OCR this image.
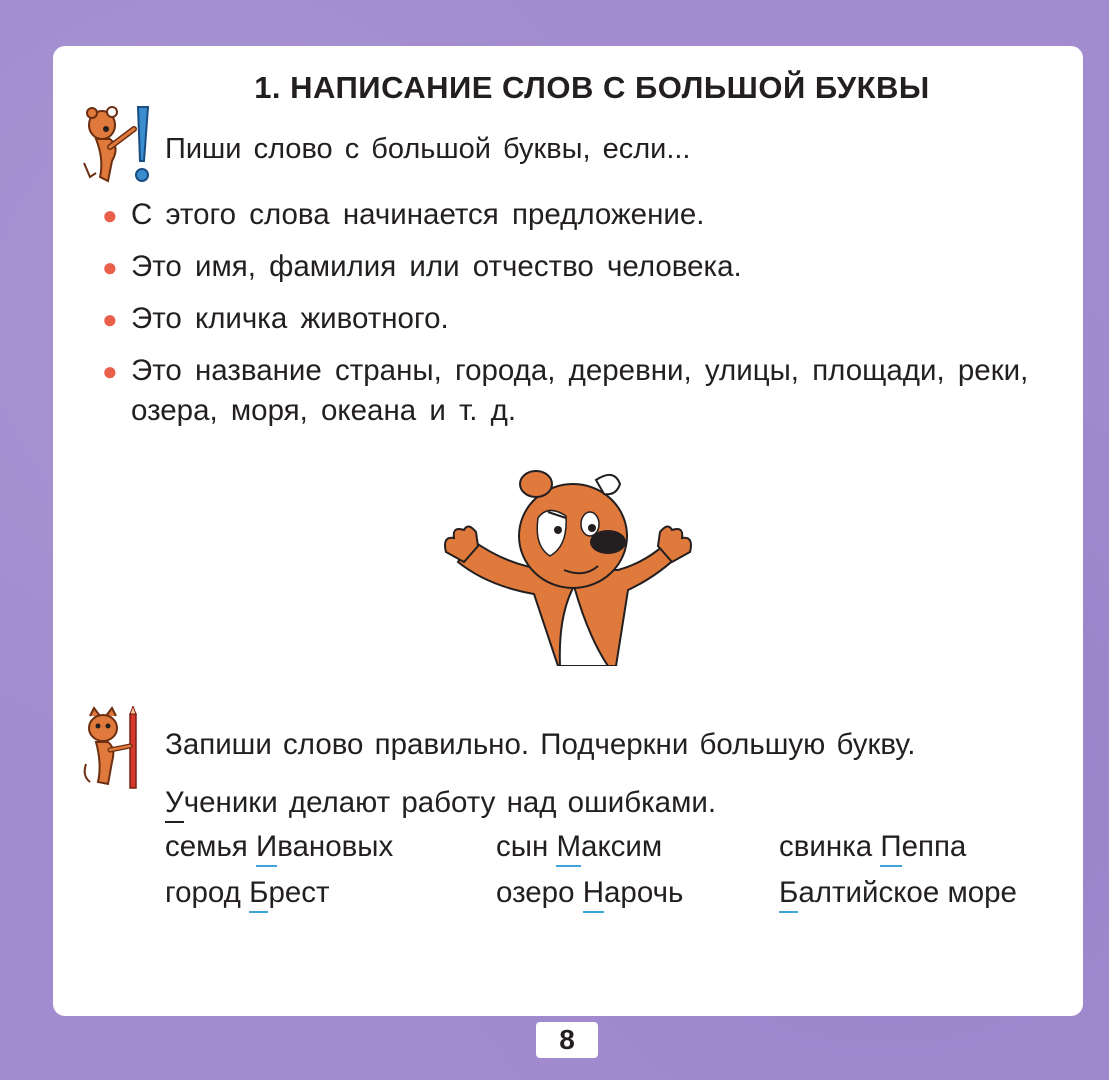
1. НАПИСАНИЕ СЛОВ С БОЛЬШОЙ БУКВЫ
Пиши слово с большой буквы, если...
● С этого слова начинается предложение.
● Это имя, фамилия или отчество человека.
● Это кличка животного.
● Это название страны, города, деревни, улицы, площади, реки, озера, моря, океана и т. д.
Запиши слово правильно. Подчеркни большую букву.
Ученики делают работу над ошибками.
семья Ивановых	сын Максим	свинка Пеппа
город Брест	озеро Нарочь	Балтийское море
8
